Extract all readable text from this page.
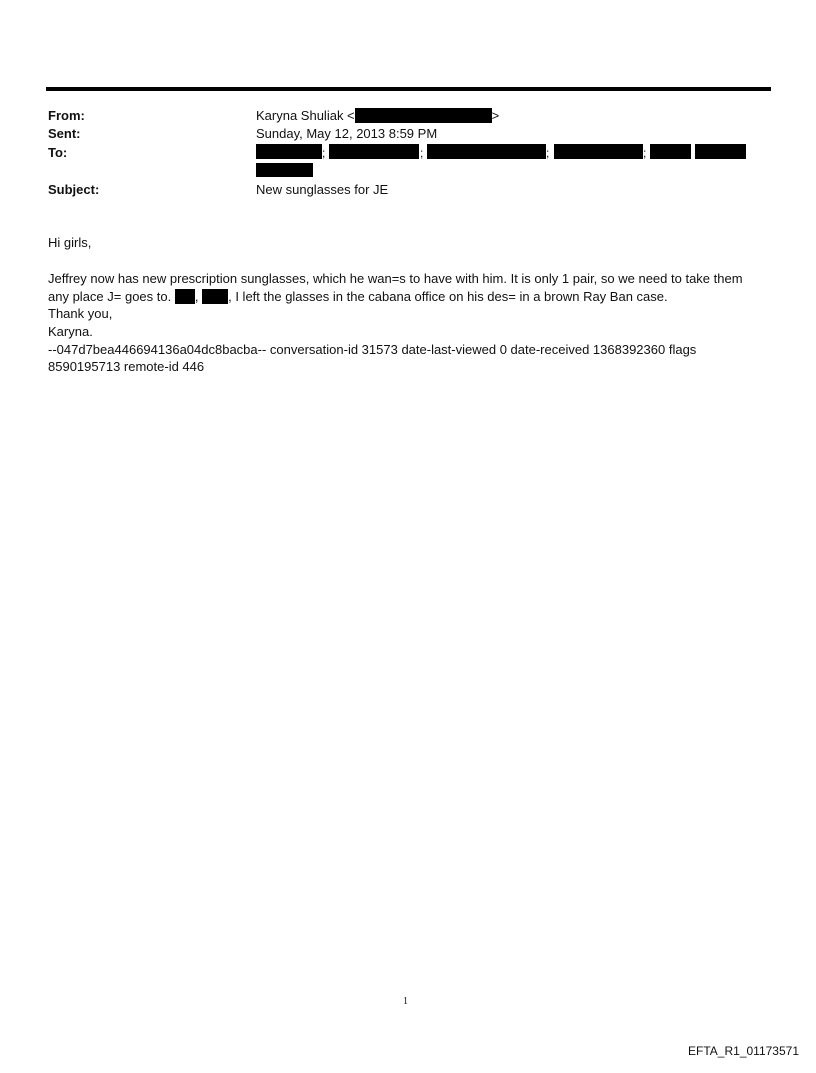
From:	Karyna Shuliak <	>
Sent:	Sunday, May 12, 2013 8:59 PM
To:	;	;	;	;
Subject:	New sunglasses for JE
Hi girls,
Jeffrey now has new prescription sunglasses, which he wan=s to have with him. It is only 1 pair, so we need to take them
any place J= goes to. , , I left the glasses in the cabana office on his des= in a brown Ray Ban case.
Thank you,
Karyna.
--047d7bea446694136a04dc8bacba-- conversation-id 31573 date-last-viewed 0 date-received 1368392360 flags
8590195713 remote-id 446
1
EFTA_R1_01173571
